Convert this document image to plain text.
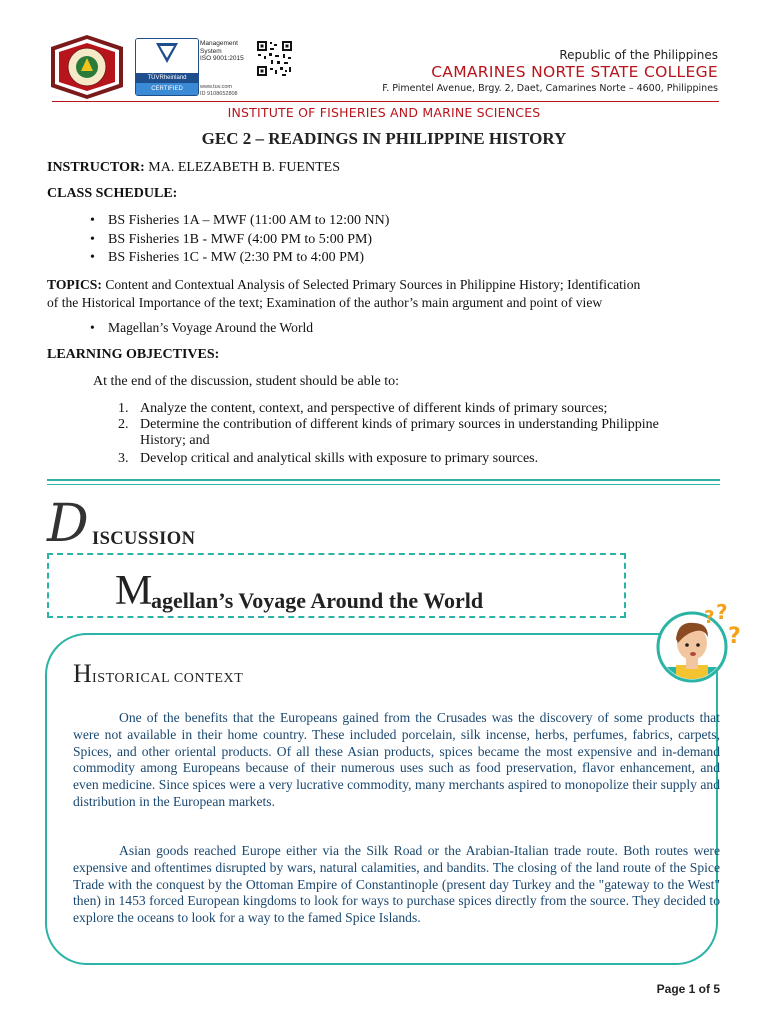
TÜVRheinland
CERTIFIED
Management
System
ISO 9001:2015
www.tuv.com
ID 9108652808
Republic of the Philippines
CAMARINES NORTE STATE COLLEGE
F. Pimentel Avenue, Brgy. 2, Daet, Camarines Norte – 4600, Philippines
INSTITUTE OF FISHERIES AND MARINE SCIENCES
GEC 2 – READINGS IN PHILIPPINE HISTORY
INSTRUCTOR: MA. ELEZABETH B. FUENTES
CLASS SCHEDULE:
• BS Fisheries 1A – MWF (11:00 AM to 12:00 NN)
• BS Fisheries 1B - MWF (4:00 PM to 5:00 PM)
• BS Fisheries 1C - MW (2:30 PM to 4:00 PM)
TOPICS: Content and Contextual Analysis of Selected Primary Sources in Philippine History; Identification
of the Historical Importance of the text; Examination of the author’s main argument and point of view
• Magellan’s Voyage Around the World
LEARNING OBJECTIVES:
At the end of the discussion, student should be able to:
1. Analyze the content, context, and perspective of different kinds of primary sources;
2. Determine the contribution of different kinds of primary sources in understanding Philippine
History; and
3. Develop critical and analytical skills with exposure to primary sources.
D ISCUSSION
M
agellan’s Voyage Around the World
? ?
?
H ISTORICAL CONTEXT

One of the benefits that the Europeans gained from the Crusades was the discovery of some products that were not available in their home country. These included porcelain, silk incense, herbs, perfumes, fabrics, carpets, Spices, and other oriental products. Of all these Asian products, spices became the most expensive and in-demand commodity among Europeans because of their numerous uses such as food preservation, flavor enhancement, and even medicine. Since spices were a very lucrative commodity, many merchants aspired to monopolize their supply and distribution in the European markets.

Asian goods reached Europe either via the Silk Road or the Arabian-Italian trade route. Both routes were expensive and oftentimes disrupted by wars, natural calamities, and bandits. The closing of the land route of the Spice Trade with the conquest by the Ottoman Empire of Constantinople (present day Turkey and the "gateway to the West" then) in 1453 forced European kingdoms to look for ways to purchase spices directly from the source. They decided to explore the oceans to look for a way to the famed Spice Islands.

Page 1 of 5
